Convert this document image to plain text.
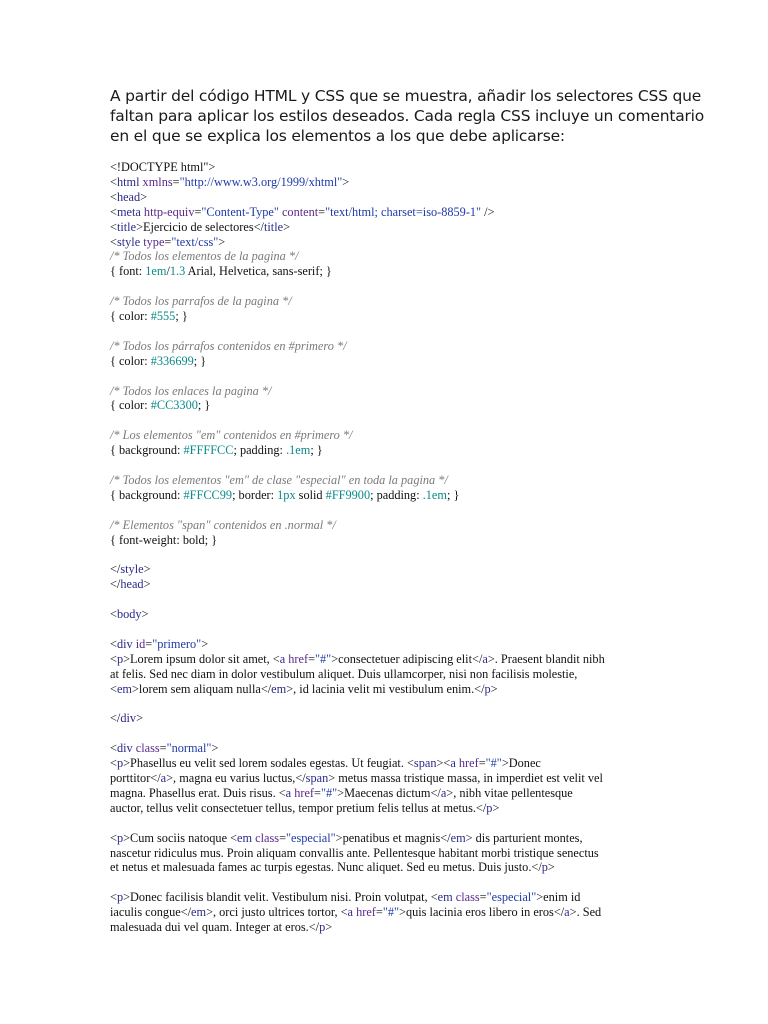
A partir del código HTML y CSS que se muestra, añadir los selectores CSS que
faltan para aplicar los estilos deseados. Cada regla CSS incluye un comentario
en el que se explica los elementos a los que debe aplicarse:
<!DOCTYPE html">
<html xmlns="http://www.w3.org/1999/xhtml">
<head>
<meta http-equiv="Content-Type" content="text/html; charset=iso-8859-1" />
<title>Ejercicio de selectores</title>
<style type="text/css">
/* Todos los elementos de la pagina */
{ font: 1em/1.3 Arial, Helvetica, sans-serif; }
/* Todos los parrafos de la pagina */
{ color: #555; }
/* Todos los párrafos contenidos en #primero */
{ color: #336699; }
/* Todos los enlaces la pagina */
{ color: #CC3300; }
/* Los elementos "em" contenidos en #primero */
{ background: #FFFFCC; padding: .1em; }
/* Todos los elementos "em" de clase "especial" en toda la pagina */
{ background: #FFCC99; border: 1px solid #FF9900; padding: .1em; }
/* Elementos "span" contenidos en .normal */
{ font-weight: bold; }
</style>
</head>
<body>
<div id="primero">
<p>Lorem ipsum dolor sit amet, <a href="#">consectetuer adipiscing elit</a>. Praesent blandit nibh
at felis. Sed nec diam in dolor vestibulum aliquet. Duis ullamcorper, nisi non facilisis molestie,
<em>lorem sem aliquam nulla</em>, id lacinia velit mi vestibulum enim.</p>
</div>
<div class="normal">
<p>Phasellus eu velit sed lorem sodales egestas. Ut feugiat. <span><a href="#">Donec
porttitor</a>, magna eu varius luctus,</span> metus massa tristique massa, in imperdiet est velit vel
magna. Phasellus erat. Duis risus. <a href="#">Maecenas dictum</a>, nibh vitae pellentesque
auctor, tellus velit consectetuer tellus, tempor pretium felis tellus at metus.</p>
<p>Cum sociis natoque <em class="especial">penatibus et magnis</em> dis parturient montes,
nascetur ridiculus mus. Proin aliquam convallis ante. Pellentesque habitant morbi tristique senectus
et netus et malesuada fames ac turpis egestas. Nunc aliquet. Sed eu metus. Duis justo.</p>
<p>Donec facilisis blandit velit. Vestibulum nisi. Proin volutpat, <em class="especial">enim id
iaculis congue</em>, orci justo ultrices tortor, <a href="#">quis lacinia eros libero in eros</a>. Sed
malesuada dui vel quam. Integer at eros.</p>
